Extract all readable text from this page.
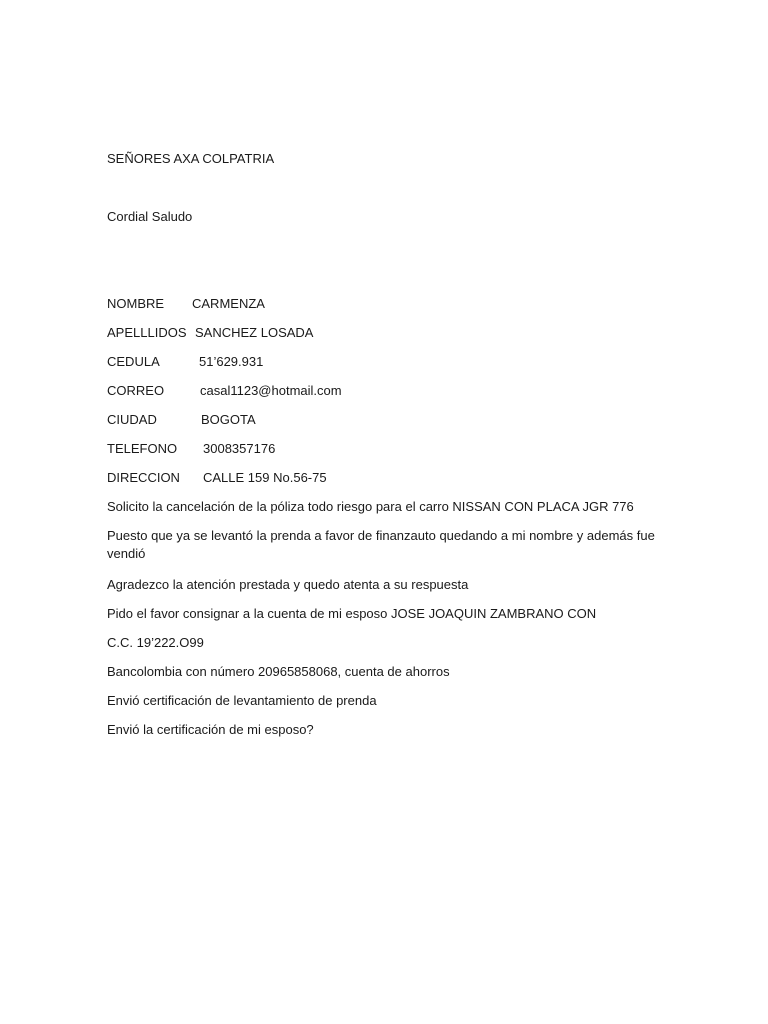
SEÑORES AXA COLPATRIA
Cordial Saludo
NOMBRE CARMENZA
APELLLIDOS SANCHEZ LOSADA
CEDULA	51’629.931
CORREO	casal1123@hotmail.com
CIUDAD	BOGOTA
TELEFONO 3008357176
DIRECCION CALLE 159 No.56-75
Solicito la cancelación de la póliza todo riesgo para el carro NISSAN CON PLACA JGR 776
Puesto que ya se levantó la prenda a favor de finanzauto quedando a mi nombre y además fue vendió
Agradezco la atención prestada y quedo atenta a su respuesta
Pido el favor consignar a la cuenta de mi esposo JOSE JOAQUIN ZAMBRANO CON
C.C. 19’222.O99
Bancolombia con número 20965858068, cuenta de ahorros
Envió certificación de levantamiento de prenda
Envió la certificación de mi esposo?
